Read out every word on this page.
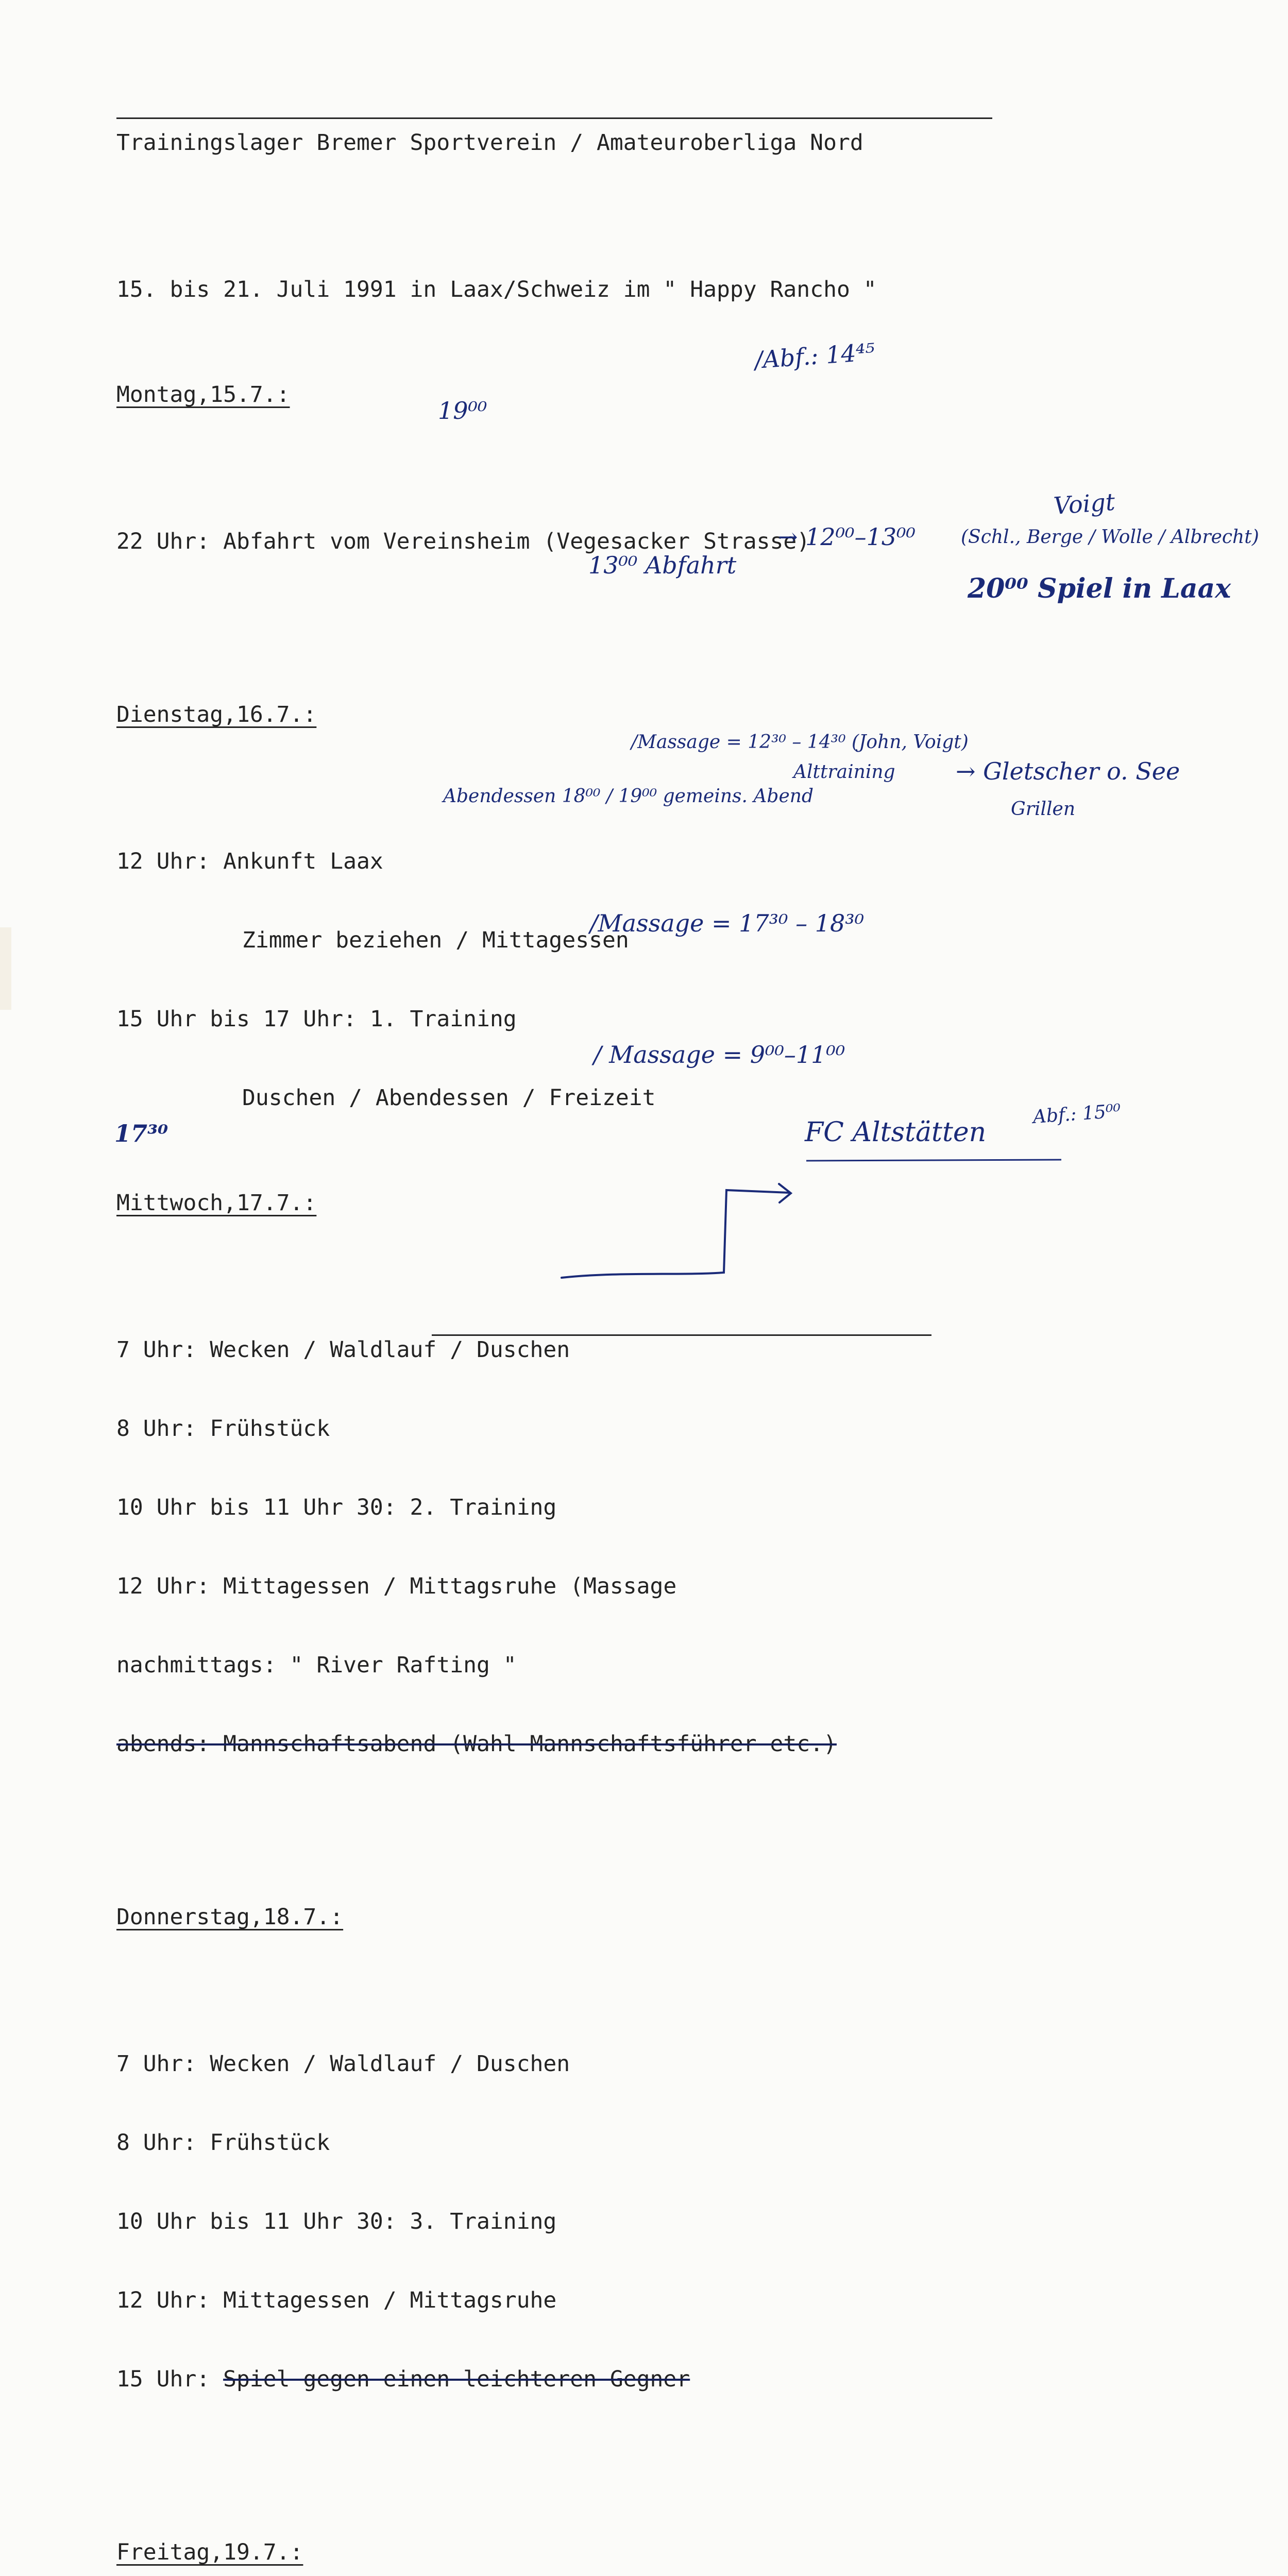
Trainingslager Bremer Sportverein / Amateuroberliga Nord

15. bis 21. Juli 1991 in Laax/Schweiz im " Happy Rancho "

Montag,15.7.:

22 Uhr: Abfahrt vom Vereinsheim (Vegesacker Strasse)

Dienstag,16.7.:

12 Uhr: Ankunft Laax

Zimmer beziehen / Mittagessen

15 Uhr bis 17 Uhr: 1. Training

Duschen / Abendessen / Freizeit

Mittwoch,17.7.:

7 Uhr: Wecken / Waldlauf / Duschen

8 Uhr: Frühstück

10 Uhr bis 11 Uhr 30: 2. Training

12 Uhr: Mittagessen / Mittagsruhe (Massage

nachmittags: " River Rafting "

abends: Mannschaftsabend (Wahl Mannschaftsführer etc.)

Donnerstag,18.7.:

7 Uhr: Wecken / Waldlauf / Duschen

8 Uhr: Frühstück

10 Uhr bis 11 Uhr 30: 3. Training

12 Uhr: Mittagessen / Mittagsruhe

15 Uhr: Spiel gegen einen leichteren Gegner

Freitag,19.7.:

/Abf.: 14⁴⁵
19⁰⁰
Voigt
→ 12⁰⁰–13⁰⁰ (Schl., Berge / Wolle / Albrecht)
13⁰⁰ Abfahrt
20⁰⁰ Spiel in Laax
/Massage = 12³⁰ – 14³⁰ (John, Voigt)
Alttraining	→ Gletscher o. See
Grillen
Abendessen 18⁰⁰ / 19⁰⁰ gemeins. Abend
/Massage = 17³⁰ – 18³⁰
/ Massage = 9⁰⁰–11⁰⁰
17³⁰	FC Altstätten
Abf.: 15⁰⁰
